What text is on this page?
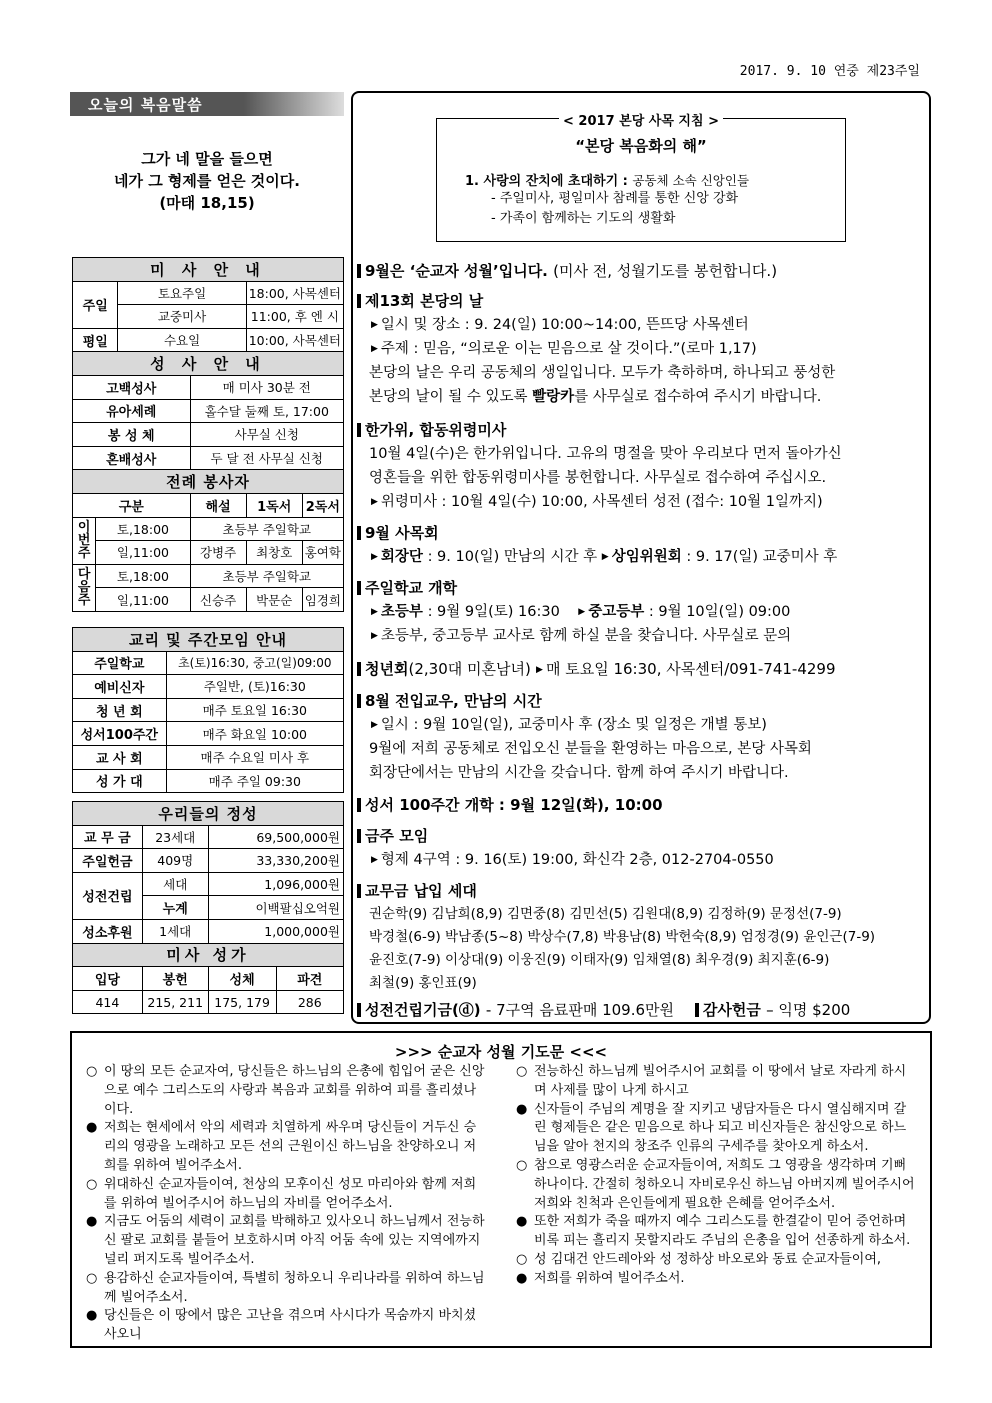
2017. 9. 10 연중 제23주일
오늘의 복음말씀
그가 네 말을 들으면
네가 그 형제를 얻은 것이다.
(마태 18,15)
미 사 안 내					
주일		토요주일		18:00, 사목센터	
		교중미사		11:00, 후 엔 시	
평일		수요일		10:00, 사목센터	
성 사 안 내					
고백성사			매 미사 30분 전		
유아세례			홀수달 둘째 토, 17:00		
봉 성 체			사무실 신청		
혼배성사			두 달 전 사무실 신청		
전례 봉사자					
구분			해설	1독서	2독서
이번주	토,18:00		초등부 주일학교		
	일,11:00		강병주	최창호	홍여학
다음주	토,18:00		초등부 주일학교		
	일,11:00		신승주	박문순	임경희
교리 및 주간모임 안내	
주일학교	초(토)16:30, 중고(일)09:00
예비신자	주일반, (토)16:30
청 년 회	매주 토요일 16:30
성서100주간	매주 화요일 10:00
교 사 회	매주 수요일 미사 후
성 가 대	매주 주일 09:30
우리들의 정성			
교 무 금	23세대	69,500,000원	
주일헌금	409명	33,330,200원	
성전건립	세대	1,096,000원	
	누계	이백팔십오억원	
성소후원	1세대	1,000,000원	
미사 성가			
입당	봉헌	성체	파견
414	215, 211	175, 179	286
< 2017 본당 사목 지침 >
“본당 복음화의 해”
1. 사랑의 잔치에 초대하기 : 공동체 소속 신앙인들
- 주일미사, 평일미사 참례를 통한 신앙 강화
- 가족이 함께하는 기도의 생활화
9월은 ‘순교자 성월’입니다. (미사 전, 성월기도를 봉헌합니다.)
제13회 본당의 날
▶ 일시 및 장소 : 9. 24(일) 10:00~14:00, 뜬뜨당 사목센터
▶ 주제 : 믿음, “의로운 이는 믿음으로 살 것이다.”(로마 1,17)
본당의 날은 우리 공동체의 생일입니다. 모두가 축하하며, 하나되고 풍성한
본당의 날이 될 수 있도록 빨랑카를 사무실로 접수하여 주시기 바랍니다.
한가위, 합동위령미사
10월 4일(수)은 한가위입니다. 고유의 명절을 맞아 우리보다 먼저 돌아가신
영혼들을 위한 합동위령미사를 봉헌합니다. 사무실로 접수하여 주십시오.
▶ 위령미사 : 10월 4일(수) 10:00, 사목센터 성전 (접수: 10월 1일까지)
9월 사목회
▶ 회장단 : 9. 10(일) 만남의 시간 후 ▶ 상임위원회 : 9. 17(일) 교중미사 후
주일학교 개학
▶ 초등부 : 9월 9일(토) 16:30 ▶ 중고등부 : 9월 10일(일) 09:00
▶ 초등부, 중고등부 교사로 함께 하실 분을 찾습니다. 사무실로 문의
청년회(2,30대 미혼남녀) ▶ 매 토요일 16:30, 사목센터/091-741-4299
8월 전입교우, 만남의 시간
▶ 일시 : 9월 10일(일), 교중미사 후 (장소 및 일정은 개별 통보)
9월에 저희 공동체로 전입오신 분들을 환영하는 마음으로, 본당 사목회
회장단에서는 만남의 시간을 갖습니다. 함께 하여 주시기 바랍니다.
성서 100주간 개학 : 9월 12일(화), 10:00
금주 모임
▶ 형제 4구역 : 9. 16(토) 19:00, 화신각 2층, 012-2704-0550
교무금 납입 세대
권순학(9) 김남희(8,9) 김면중(8) 김민선(5) 김원대(8,9) 김정하(9) 문정선(7-9)
박경철(6-9) 박남종(5~8) 박상수(7,8) 박용남(8) 박헌숙(8,9) 엄정경(9) 윤인근(7-9)
윤진호(7-9) 이상대(9) 이웅진(9) 이태자(9) 임채열(8) 최우경(9) 최지훈(6-9)
최철(9) 홍인표(9)
성전건립기금(ⓓ) - 7구역 음료판매 109.6만원 감사헌금 – 익명 $200
>>> 순교자 성월 기도문 <<<
○ 이 땅의 모든 순교자여, 당신들은 하느님의 은총에 힘입어 굳은 신앙으로 예수 그리스도의 사랑과 복음과 교회를 위하여 피를 흘리셨나이다.
● 저희는 현세에서 악의 세력과 치열하게 싸우며 당신들이 거두신 승리의 영광을 노래하고 모든 선의 근원이신 하느님을 찬양하오니 저희를 위하여 빌어주소서.
○ 위대하신 순교자들이여, 천상의 모후이신 성모 마리아와 함께 저희를 위하여 빌어주시어 하느님의 자비를 얻어주소서.
● 지금도 어둠의 세력이 교회를 박해하고 있사오니 하느님께서 전능하신 팔로 교회를 붙들어 보호하시며 아직 어둠 속에 있는 지역에까지 널리 퍼지도록 빌어주소서.
○ 용감하신 순교자들이여, 특별히 청하오니 우리나라를 위하여 하느님께 빌어주소서.
● 당신들은 이 땅에서 많은 고난을 겪으며 사시다가 목숨까지 바치셨사오니
○ 전능하신 하느님께 빌어주시어 교회를 이 땅에서 날로 자라게 하시며 사제를 많이 나게 하시고
● 신자들이 주님의 계명을 잘 지키고 냉담자들은 다시 열심해지며 갈린 형제들은 같은 믿음으로 하나 되고 비신자들은 참신앙으로 하느님을 알아 천지의 창조주 인류의 구세주를 찾아오게 하소서.
○ 참으로 영광스러운 순교자들이여, 저희도 그 영광을 생각하며 기뻐하나이다. 간절히 청하오니 자비로우신 하느님 아버지께 빌어주시어 저희와 친척과 은인들에게 필요한 은혜를 얻어주소서.
● 또한 저희가 죽을 때까지 예수 그리스도를 한결같이 믿어 증언하며 비록 피는 흘리지 못할지라도 주님의 은총을 입어 선종하게 하소서.
○ 성 김대건 안드레아와 성 정하상 바오로와 동료 순교자들이여,
● 저희를 위하여 빌어주소서.
